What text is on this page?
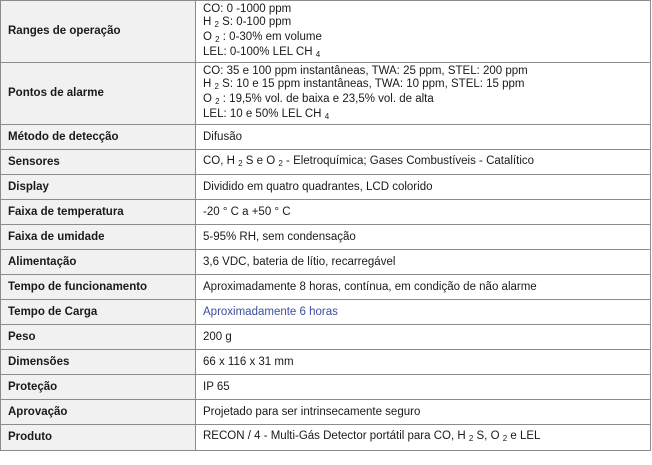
Ranges de operação	CO: 0 -1000 ppm
H $_2$ S: 0-100 ppm
O $_2$ : 0-30% em volume
LEL: 0-100% LEL CH $_4$

Pontos de alarme	CO: 35 e 100 ppm instantâneas, TWA: 25 ppm, STEL: 200 ppm
H $_2$ S: 10 e 15 ppm instantâneas, TWA: 10 ppm, STEL: 15 ppm
O $_2$ : 19,5% vol. de baixa e 23,5% vol. de alta
LEL: 10 e 50% LEL CH $_4$

Método de detecção	Difusão

Sensores	CO, H $_2$ S e O $_2$ - Eletroquímica; Gases Combustíveis - Catalítico

Display	Dividido em quatro quadrantes, LCD colorido

Faixa de temperatura	-20 ° C a +50 ° C

Faixa de umidade	5-95% RH, sem condensação

Alimentação	3,6 VDC, bateria de lítio, recarregável

Tempo de funcionamento	Aproximadamente 8 horas, contínua, em condição de não alarme

Tempo de Carga	Aproximadamente 6 horas

Peso	200 g

Dimensões	66 x 116 x 31 mm

Proteção	IP 65

Aprovação	Projetado para ser intrinsecamente seguro

Produto	RECON / 4 - Multi-Gás Detector portátil para CO, H $_2$ S, O $_2$ e LEL
